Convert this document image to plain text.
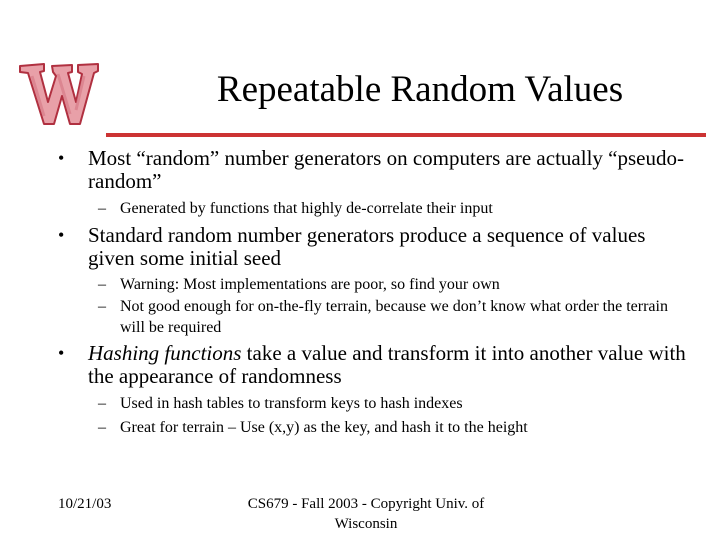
Repeatable Random Values
• Most “random” number generators on computers are actually “pseudo-random”
– Generated by functions that highly de-correlate their input
• Standard random number generators produce a sequence of values given some initial seed
– Warning: Most implementations are poor, so find your own
– Not good enough for on-the-fly terrain, because we don’t know what order the terrain will be required
• Hashing functions take a value and transform it into another value with the appearance of randomness
– Used in hash tables to transform keys to hash indexes
– Great for terrain – Use (x,y) as the key, and hash it to the height
10/21/03	CS679 - Fall 2003 - Copyright Univ. of Wisconsin
